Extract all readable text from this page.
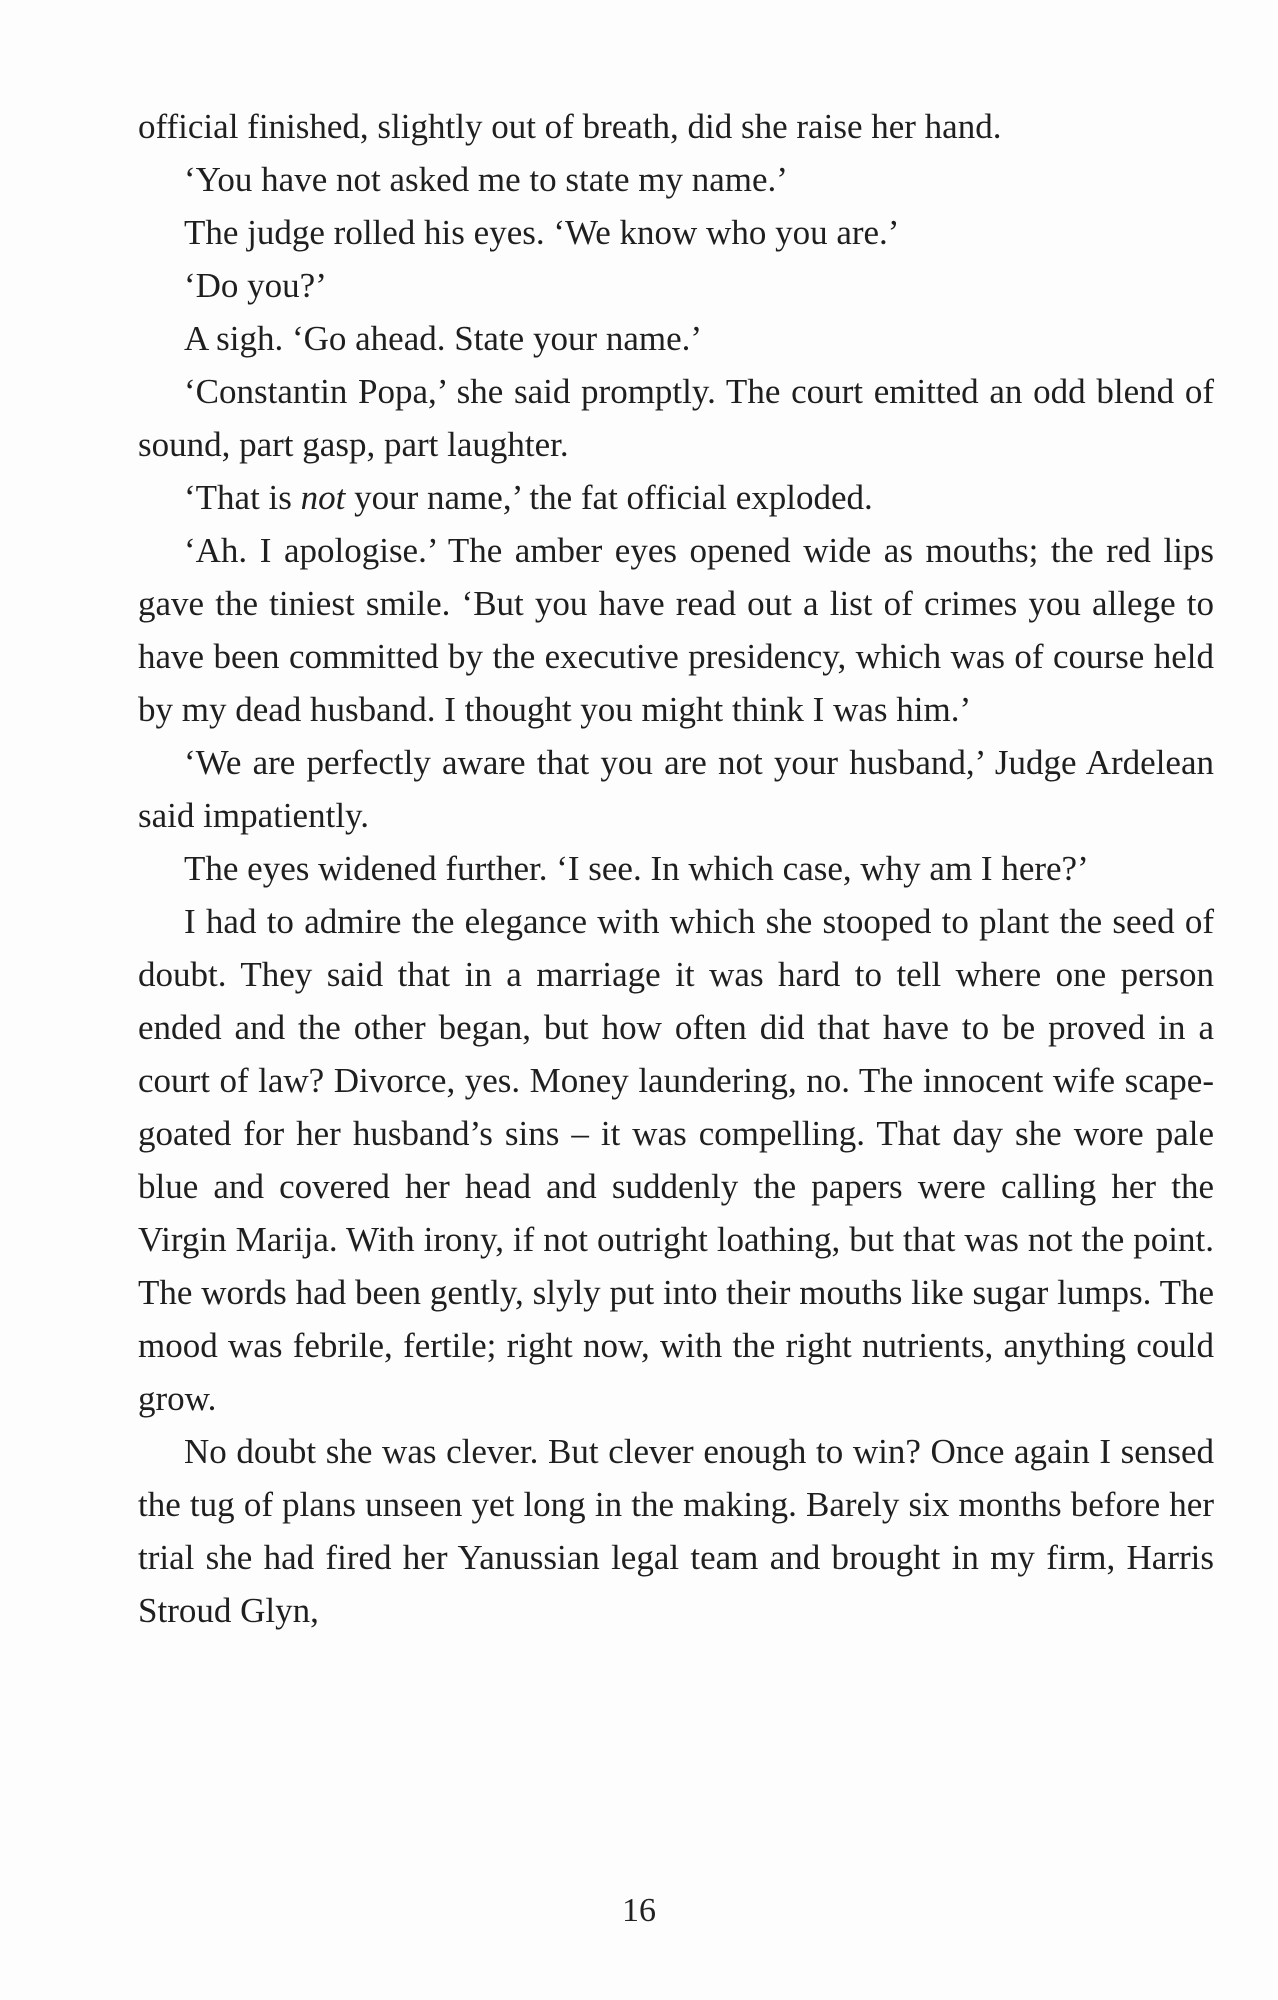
official finished, slightly out of breath, did she raise her hand.

‘You have not asked me to state my name.’

The judge rolled his eyes. ‘We know who you are.’

‘Do you?’

A sigh. ‘Go ahead. State your name.’

‘Constantin Popa,’ she said promptly. The court emitted an odd blend of sound, part gasp, part laughter.

‘That is not your name,’ the fat official exploded.

‘Ah. I apologise.’ The amber eyes opened wide as mouths; the red lips gave the tiniest smile. ‘But you have read out a list of crimes you allege to have been committed by the executive presidency, which was of course held by my dead husband. I thought you might think I was him.’

‘We are perfectly aware that you are not your husband,’ Judge Ardelean said impatiently.

The eyes widened further. ‘I see. In which case, why am I here?’

I had to admire the elegance with which she stooped to plant the seed of doubt. They said that in a marriage it was hard to tell where one person ended and the other began, but how often did that have to be proved in a court of law? Divorce, yes. Money laundering, no. The innocent wife scape-goated for her husband’s sins – it was compelling. That day she wore pale blue and covered her head and suddenly the papers were calling her the Virgin Marija. With irony, if not outright loathing, but that was not the point. The words had been gently, slyly put into their mouths like sugar lumps. The mood was febrile, fertile; right now, with the right nutrients, anything could grow.

No doubt she was clever. But clever enough to win? Once again I sensed the tug of plans unseen yet long in the making. Barely six months before her trial she had fired her Yanussian legal team and brought in my firm, Harris Stroud Glyn,

16
